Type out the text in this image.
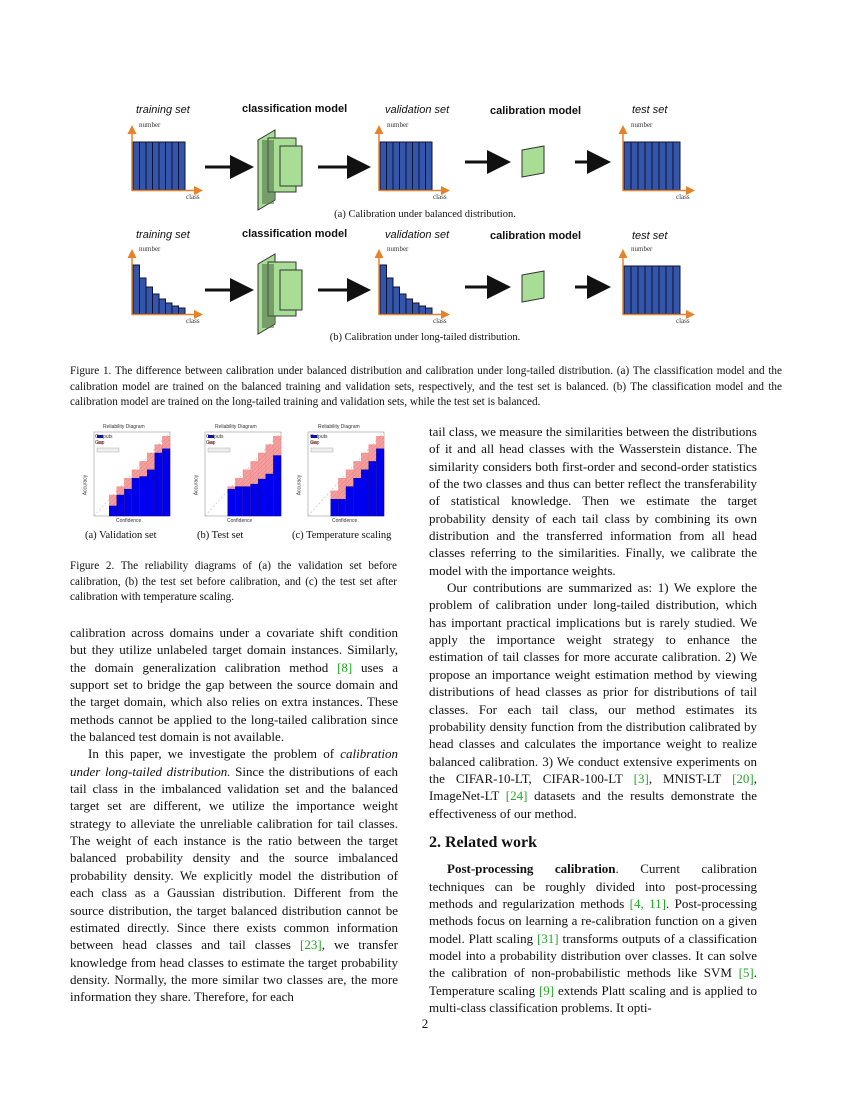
training set	classification model	validation set	calibration model	test set
training set	classification model	validation set	calibration model	test set
number	number	number
class	class	class
number	number	number
class	class	class
(a) Calibration under balanced distribution.
(b) Calibration under long-tailed distribution.
Figure 1. The difference between calibration under balanced distribution and calibration under long-tailed distribution. (a) The classification model and the calibration model are trained on the balanced training and validation sets, respectively, and the test set is balanced. (b) The classification model and the calibration model are trained on the long-tailed training and validation sets, while the test set is balanced.
Reliability Diagram	Reliability Diagram	Reliability Diagram
Confidence	Confidence	Confidence
Accuracy	Accuracy	Accuracy
Outputs
Gap
Outputs
Gap
Outputs
Gap
(a) Validation set	(b) Test set	(c) Temperature scaling
Figure 2. The reliability diagrams of (a) the validation set before calibration, (b) the test set before calibration, and (c) the test set after calibration with temperature scaling.

calibration across domains under a covariate shift condition but they utilize unlabeled target domain instances. Similarly, the domain generalization calibration method [8] uses a support set to bridge the gap between the source domain and the target domain, which also relies on extra instances. These methods cannot be applied to the long-tailed calibration since the balanced test domain is not available.

In this paper, we investigate the problem of calibration under long-tailed distribution. Since the distributions of each tail class in the imbalanced validation set and the balanced target set are different, we utilize the importance weight strategy to alleviate the unreliable calibration for tail classes. The weight of each instance is the ratio between the target balanced probability density and the source imbalanced probability density. We explicitly model the distribution of each class as a Gaussian distribution. Different from the source distribution, the target balanced distribution cannot be estimated directly. Since there exists common information between head classes and tail classes [23], we transfer knowledge from head classes to estimate the target probability density. Normally, the more similar two classes are, the more information they share. Therefore, for each

tail class, we measure the similarities between the distributions of it and all head classes with the Wasserstein distance. The similarity considers both first-order and second-order statistics of the two classes and thus can better reflect the transferability of statistical knowledge. Then we estimate the target probability density of each tail class by combining its own distribution and the transferred information from all head classes referring to the similarities. Finally, we calibrate the model with the importance weights.

Our contributions are summarized as: 1) We explore the problem of calibration under long-tailed distribution, which has important practical implications but is rarely studied. We apply the importance weight strategy to enhance the estimation of tail classes for more accurate calibration. 2) We propose an importance weight estimation method by viewing distributions of head classes as prior for distributions of tail classes. For each tail class, our method estimates its probability density function from the distribution calibrated by head classes and calculates the importance weight to realize balanced calibration. 3) We conduct extensive experiments on the CIFAR-10-LT, CIFAR-100-LT [3], MNIST-LT [20], ImageNet-LT [24] datasets and the results demonstrate the effectiveness of our method.

2. Related work

Post-processing calibration. Current calibration techniques can be roughly divided into post-processing methods and regularization methods [4, 11]. Post-processing methods focus on learning a re-calibration function on a given model. Platt scaling [31] transforms outputs of a classification model into a probability distribution over classes. It can solve the calibration of non-probabilistic methods like SVM [5]. Temperature scaling [9] extends Platt scaling and is applied to multi-class classification problems. It opti-

2
